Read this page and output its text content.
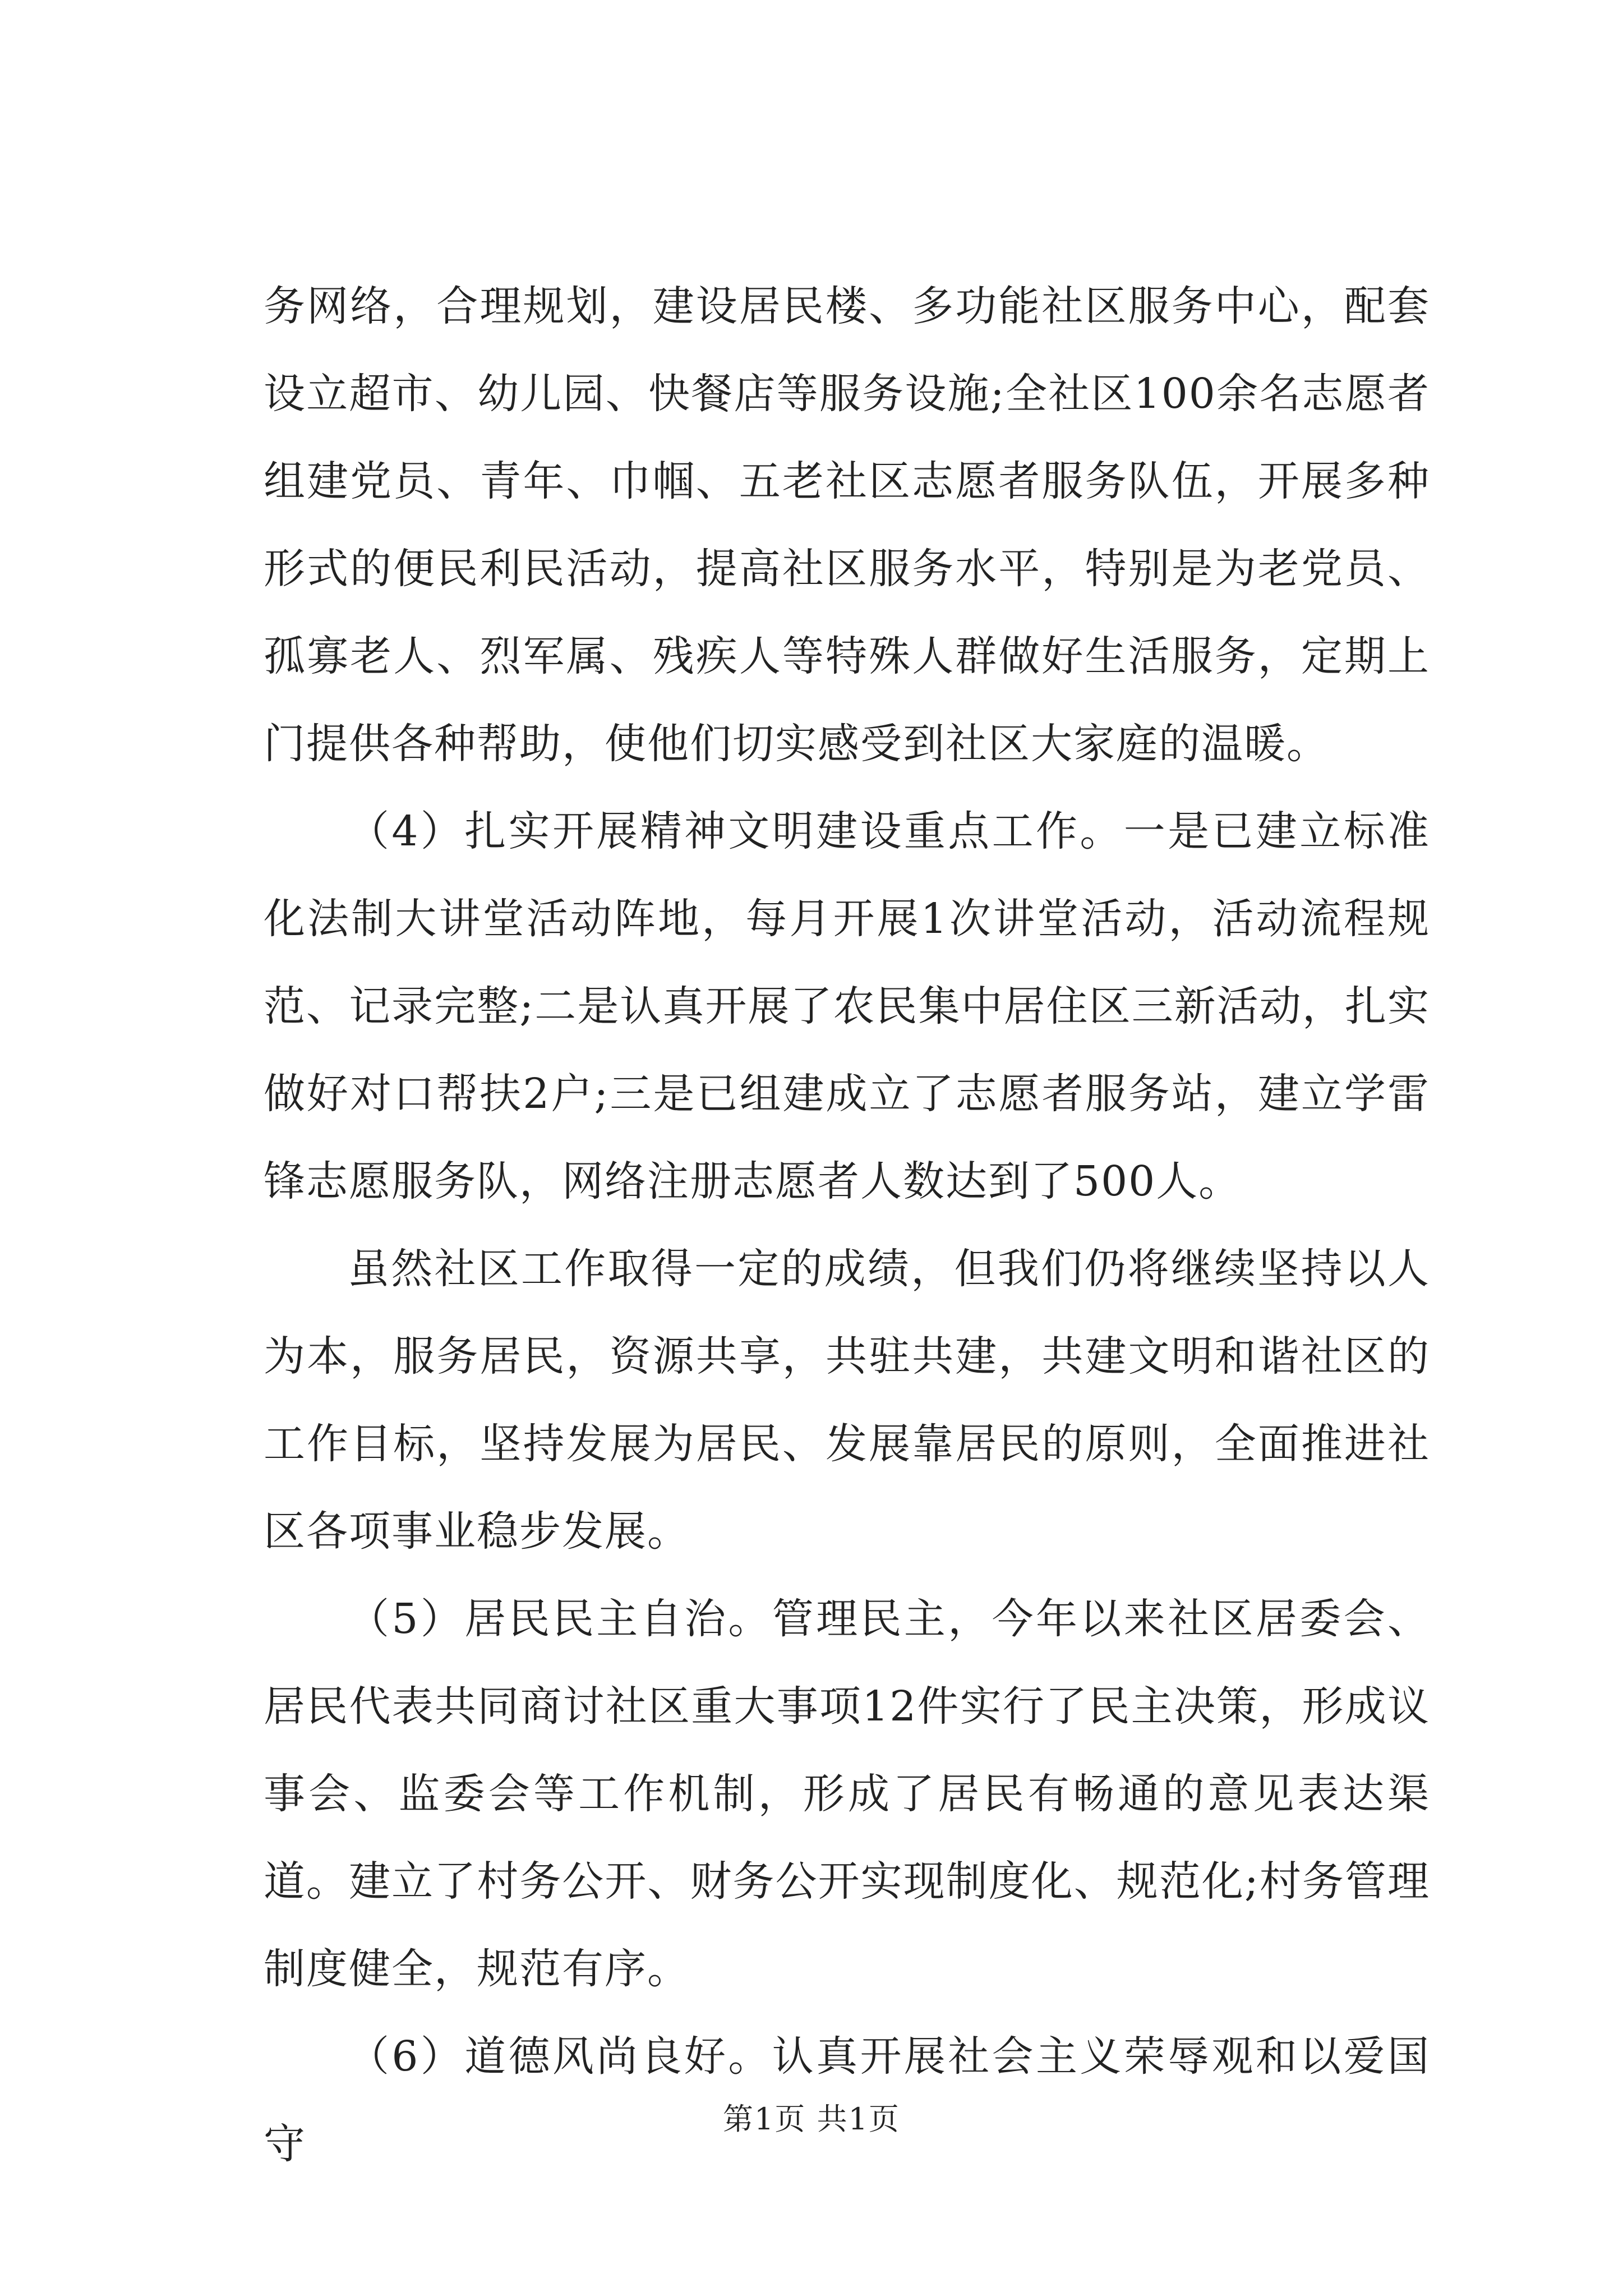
务网络，合理规划，建设居民楼、多功能社区服务中心，配套设立超市、幼儿园、快餐店等服务设施;全社区100余名志愿者组建党员、青年、巾帼、五老社区志愿者服务队伍，开展多种形式的便民利民活动，提高社区服务水平，特别是为老党员、孤寡老人、烈军属、残疾人等特殊人群做好生活服务，定期上门提供各种帮助，使他们切实感受到社区大家庭的温暖。

（4）扎实开展精神文明建设重点工作。一是已建立标准化法制大讲堂活动阵地，每月开展1次讲堂活动，活动流程规范、记录完整;二是认真开展了农民集中居住区三新活动，扎实做好对口帮扶2户;三是已组建成立了志愿者服务站，建立学雷锋志愿服务队，网络注册志愿者人数达到了500人。

虽然社区工作取得一定的成绩，但我们仍将继续坚持以人为本，服务居民，资源共享，共驻共建，共建文明和谐社区的工作目标，坚持发展为居民、发展靠居民的原则，全面推进社区各项事业稳步发展。

（5）居民民主自治。管理民主，今年以来社区居委会、居民代表共同商讨社区重大事项12件实行了民主决策，形成议事会、监委会等工作机制，形成了居民有畅通的意见表达渠道。建立了村务公开、财务公开实现制度化、规范化;村务管理制度健全，规范有序。

（6）道德风尚良好。认真开展社会主义荣辱观和以爱国守

第1页 共1页
